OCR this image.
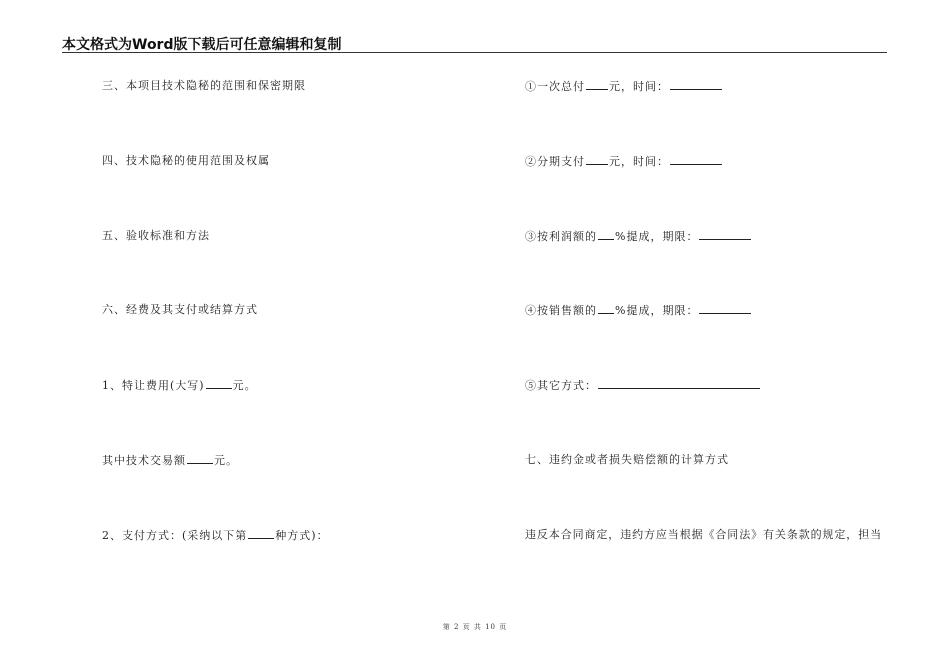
本文格式为Word版下载后可任意编辑和复制
三、本项目技术隐秘的范围和保密期限
四、技术隐秘的使用范围及权属
五、验收标准和方法
六、经费及其支付或结算方式
1、特让费用(大写)	元。
其中技术交易额	元。
2、支付方式：(采纳以下第	种方式)：
①一次总付 元，时间：
②分期支付 元，时间：
③按利润额的 %提成，期限：
④按销售额的 %提成，期限：
⑤其它方式：
七、违约金或者损失赔偿额的计算方式
违反本合同商定，违约方应当根据《合同法》有关条款的规定，担当
第 2 页 共 10 页
